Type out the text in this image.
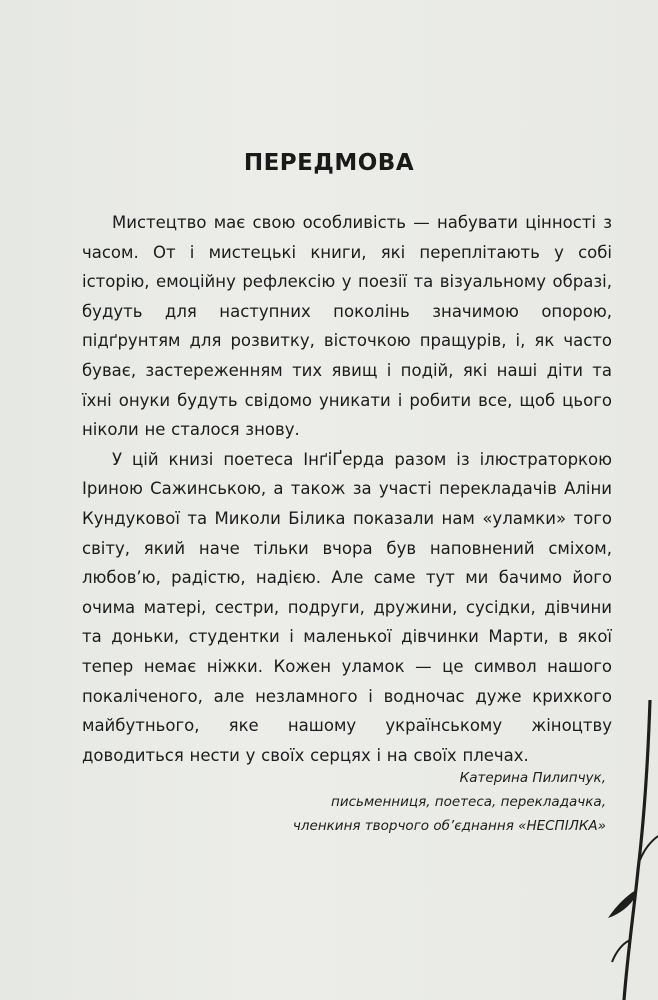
ПЕРЕДМОВА

Мистецтво має свою особливість — набувати цінності з часом. От і мистецькі книги, які переплітають у собі історію, емоційну рефлексію у поезії та візуальному образі, будуть для наступних поколінь значимою опорою, підґрунтям для розвитку, вісточкою пращурів, і, як часто буває, застереженням тих явищ і подій, які наші діти та їхні онуки будуть свідомо уникати і робити все, щоб цього ніколи не сталося знову.

У цій книзі поетеса ІнґіҐерда разом із ілюстраторкою Іриною Сажинською, а також за участі перекладачів Аліни Кундукової та Миколи Білика показали нам «уламки» того світу, який наче тільки вчора був наповнений сміхом, любов’ю, радістю, надією. Але саме тут ми бачимо його очима матері, сестри, подруги, дружини, сусідки, дівчини та доньки, студентки і маленької дівчинки Марти, в якої тепер немає ніжки. Кожен уламок — це символ нашого покаліченого, але незламного і водночас дуже крихкого майбутнього, яке нашому українському жіноцтву доводиться нести у своїх серцях і на своїх плечах.

Катерина Пилипчук,
письменниця, поетеса, перекладачка,
членкиня творчого об’єднання «НЕСПІЛКА»
